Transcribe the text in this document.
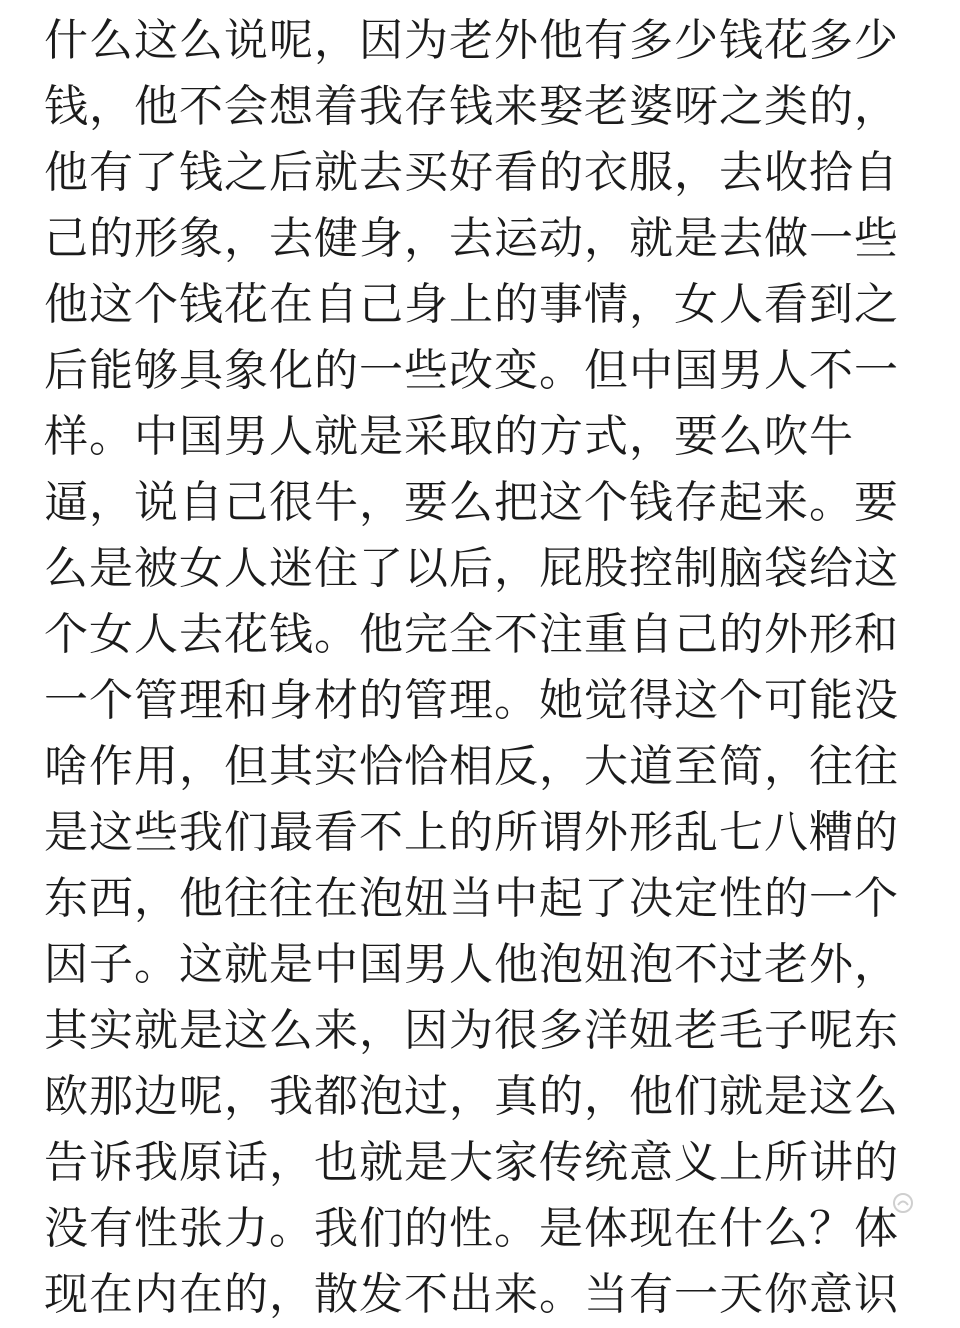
什么这么说呢，因为老外他有多少钱花多少
钱，他不会想着我存钱来娶老婆呀之类的，
他有了钱之后就去买好看的衣服，去收拾自
己的形象，去健身，去运动，就是去做一些
他这个钱花在自己身上的事情，女人看到之
后能够具象化的一些改变。但中国男人不一
样。中国男人就是采取的方式，要么吹牛
逼，说自己很牛，要么把这个钱存起来。要
么是被女人迷住了以后，屁股控制脑袋给这
个女人去花钱。他完全不注重自己的外形和
一个管理和身材的管理。她觉得这个可能没
啥作用，但其实恰恰相反，大道至简，往往
是这些我们最看不上的所谓外形乱七八糟的
东西，他往往在泡妞当中起了决定性的一个
因子。这就是中国男人他泡妞泡不过老外，
其实就是这么来，因为很多洋妞老毛子呢东
欧那边呢，我都泡过，真的，他们就是这么
告诉我原话，也就是大家传统意义上所讲的
没有性张力。我们的性。是体现在什么？体
现在内在的，散发不出来。当有一天你意识
